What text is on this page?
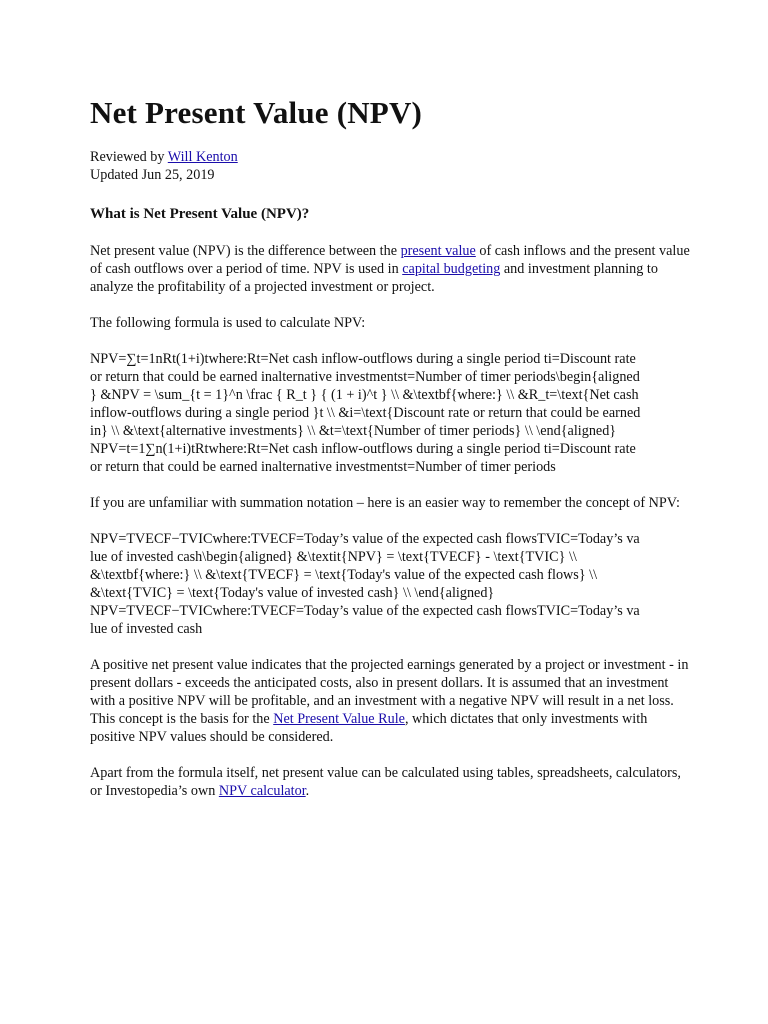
Net Present Value (NPV)
Reviewed by Will Kenton
Updated Jun 25, 2019
What is Net Present Value (NPV)?

Net present value (NPV) is the difference between the present value of cash inflows and the present value of cash outflows over a period of time. NPV is used in capital budgeting and investment planning to analyze the profitability of a projected investment or project.

The following formula is used to calculate NPV:

NPV=∑t=1nRt(1+i)twhere:Rt=Net cash inflow-outflows during a single period ti=Discount rate
or return that could be earned inalternative investmentst=Number of timer periods\begin{aligned
} &NPV = \sum_{t = 1}^n \frac { R_t } { (1 + i)^t } \\ &\textbf{where:} \\ &R_t=\text{Net cash
inflow-outflows during a single period }t \\ &i=\text{Discount rate or return that could be earned
in} \\ &\text{alternative investments} \\ &t=\text{Number of timer periods} \\ \end{aligned}
NPV=t=1∑n(1+i)tRtwhere:Rt=Net cash inflow-outflows during a single period ti=Discount rate
or return that could be earned inalternative investmentst=Number of timer periods

If you are unfamiliar with summation notation – here is an easier way to remember the concept of NPV:

NPV=TVECF−TVICwhere:TVECF=Today’s value of the expected cash flowsTVIC=Today’s va
lue of invested cash\begin{aligned} &\textit{NPV} = \text{TVECF} - \text{TVIC} \\
&\textbf{where:} \\ &\text{TVECF} = \text{Today's value of the expected cash flows} \\
&\text{TVIC} = \text{Today's value of invested cash} \\ \end{aligned}
NPV=TVECF−TVICwhere:TVECF=Today’s value of the expected cash flowsTVIC=Today’s va
lue of invested cash

A positive net present value indicates that the projected earnings generated by a project or investment - in present dollars - exceeds the anticipated costs, also in present dollars. It is assumed that an investment with a positive NPV will be profitable, and an investment with a negative NPV will result in a net loss. This concept is the basis for the Net Present Value Rule, which dictates that only investments with positive NPV values should be considered.

Apart from the formula itself, net present value can be calculated using tables, spreadsheets, calculators, or Investopedia’s own NPV calculator.
